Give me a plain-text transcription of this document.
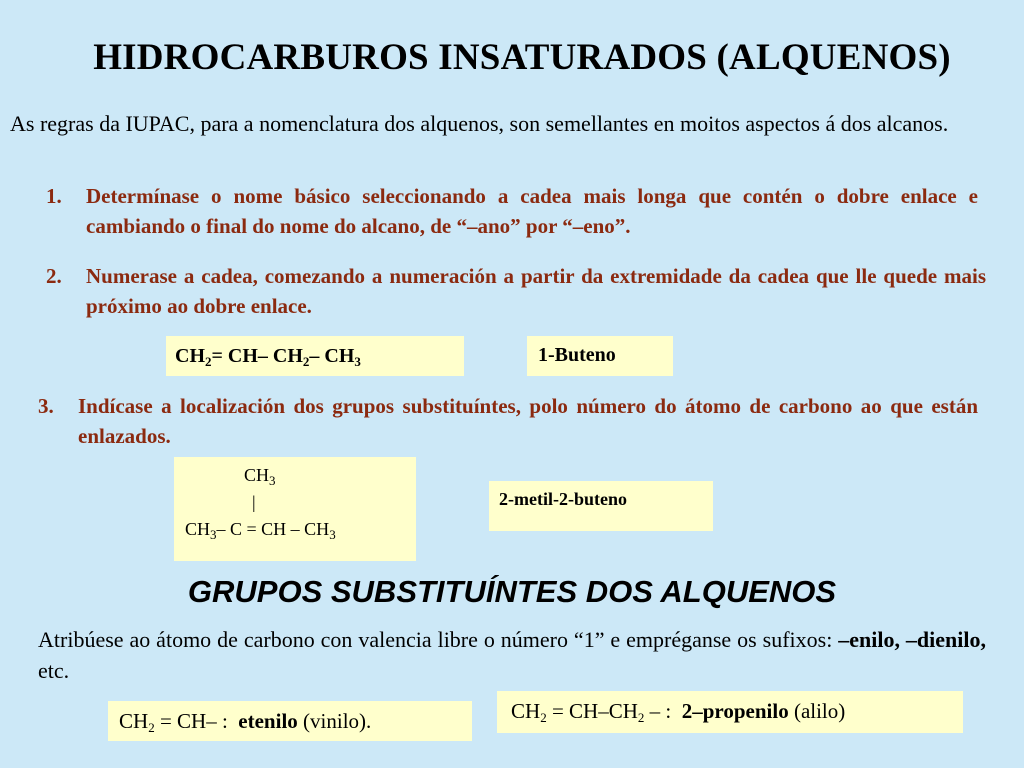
HIDROCARBUROS INSATURADOS (ALQUENOS)
As regras da IUPAC, para a nomenclatura dos alquenos, son semellantes en moitos aspectos á dos alcanos.
1. Determínase o nome básico seleccionando a cadea mais longa que contén o dobre enlace e cambiando o final do nome do alcano, de “–ano” por “–eno”.
2. Numerase a cadea, comezando a numeración a partir da extremidade da cadea que lle quede mais próximo ao dobre enlace.
$CH_2= CH-$ $CH_2-$ $CH_3$	1-Buteno
3. Indícase a localización dos grupos substituíntes, polo número do átomo de carbono ao que están enlazados.
$CH_3$
|
$CH_3-$ C = CH – $CH_3$
2-metil-2-buteno
GRUPOS SUBSTITUÍNTES DOS ALQUENOS
Atribúese ao átomo de carbono con valencia libre o número “1” e empréganse os sufixos: –enilo, –dienilo, etc.
$CH_2 = CH-CH_2$ – :  2–propenilo (alilo)
$CH_2 = CH-$ :  etenilo (vinilo).
